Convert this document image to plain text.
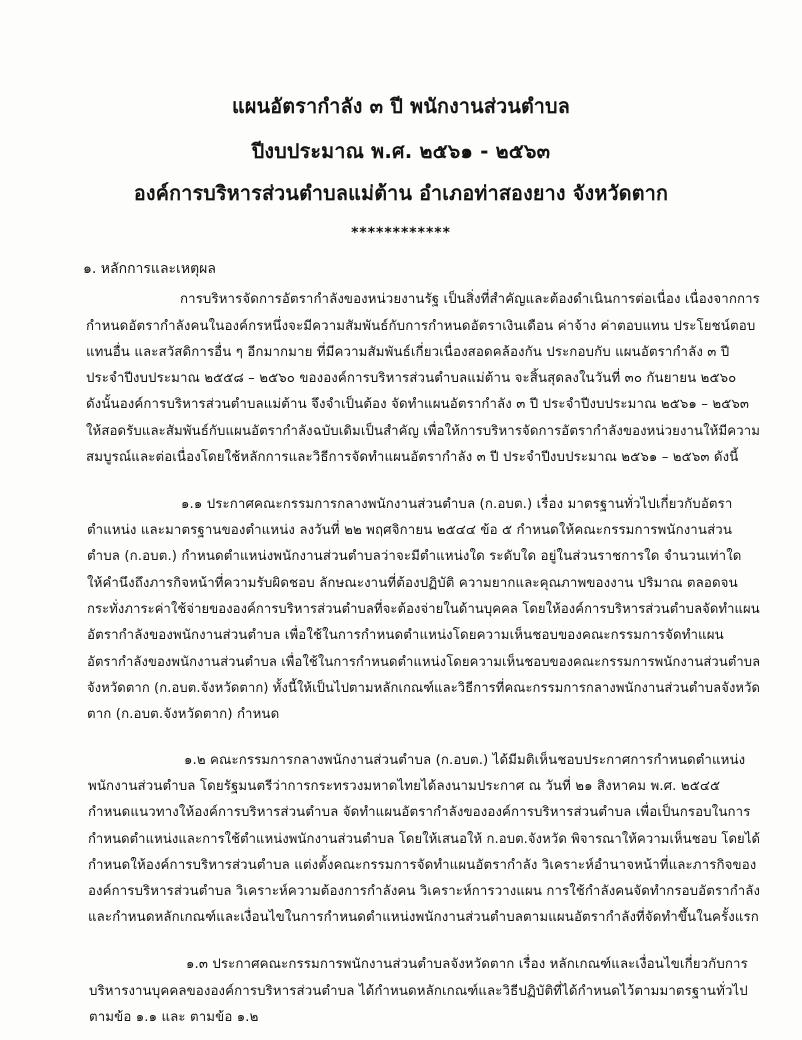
แผนอัตรากำลัง ๓ ปี พนักงานส่วนตำบล
ปีงบประมาณ พ.ศ. ๒๕๖๑ - ๒๕๖๓
องค์การบริหารส่วนตำบลแม่ต้าน อำเภอท่าสองยาง จังหวัดตาก
************
๑. หลักการและเหตุผล
การบริหารจัดการอัตรากำลังของหน่วยงานรัฐ เป็นสิ่งที่สำคัญและต้องดำเนินการต่อเนื่อง เนื่องจากการ
กำหนดอัตรากำลังคนในองค์กรหนึ่งจะมีความสัมพันธ์กับการกำหนดอัตราเงินเดือน ค่าจ้าง ค่าตอบแทน ประโยชน์ตอบ
แทนอื่น และสวัสดิการอื่น ๆ อีกมากมาย ที่มีความสัมพันธ์เกี่ยวเนื่องสอดคล้องกัน ประกอบกับ แผนอัตรากำลัง ๓ ปี
ประจำปีงบประมาณ ๒๕๕๘ – ๒๕๖๐ ขององค์การบริหารส่วนตำบลแม่ต้าน จะสิ้นสุดลงในวันที่ ๓๐ กันยายน ๒๕๖๐
ดังนั้นองค์การบริหารส่วนตำบลแม่ต้าน จึงจำเป็นต้อง จัดทำแผนอัตรากำลัง ๓ ปี ประจำปีงบประมาณ ๒๕๖๑ – ๒๕๖๓
ให้สอดรับและสัมพันธ์กับแผนอัตรากำลังฉบับเดิมเป็นสำคัญ เพื่อให้การบริหารจัดการอัตรากำลังของหน่วยงานให้มีความ
สมบูรณ์และต่อเนื่องโดยใช้หลักการและวิธีการจัดทำแผนอัตรากำลัง ๓ ปี ประจำปีงบประมาณ ๒๕๖๑ – ๒๕๖๓ ดังนี้
๑.๑ ประกาศคณะกรรมการกลางพนักงานส่วนตำบล (ก.อบต.) เรื่อง มาตรฐานทั่วไปเกี่ยวกับอัตรา
ตำแหน่ง และมาตรฐานของตำแหน่ง ลงวันที่ ๒๒ พฤศจิกายน ๒๕๔๔ ข้อ ๕ กำหนดให้คณะกรรมการพนักงานส่วน
ตำบล (ก.อบต.) กำหนดตำแหน่งพนักงานส่วนตำบลว่าจะมีตำแหน่งใด ระดับใด อยู่ในส่วนราชการใด จำนวนเท่าใด
ให้คำนึงถึงภารกิจหน้าที่ความรับผิดชอบ ลักษณะงานที่ต้องปฏิบัติ ความยากและคุณภาพของงาน ปริมาณ ตลอดจน
กระทั่งภาระค่าใช้จ่ายขององค์การบริหารส่วนตำบลที่จะต้องจ่ายในด้านบุคคล โดยให้องค์การบริหารส่วนตำบลจัดทำแผน
อัตรากำลังของพนักงานส่วนตำบล เพื่อใช้ในการกำหนดตำแหน่งโดยความเห็นชอบของคณะกรรมการจัดทำแผน
อัตรากำลังของพนักงานส่วนตำบล เพื่อใช้ในการกำหนดตำแหน่งโดยความเห็นชอบของคณะกรรมการพนักงานส่วนตำบล
จังหวัดตาก (ก.อบต.จังหวัดตาก) ทั้งนี้ให้เป็นไปตามหลักเกณฑ์และวิธีการที่คณะกรรมการกลางพนักงานส่วนตำบลจังหวัด
ตาก (ก.อบต.จังหวัดตาก) กำหนด
๑.๒ คณะกรรมการกลางพนักงานส่วนตำบล (ก.อบต.) ได้มีมติเห็นชอบประกาศการกำหนดตำแหน่ง
พนักงานส่วนตำบล โดยรัฐมนตรีว่าการกระทรวงมหาดไทยได้ลงนามประกาศ ณ วันที่ ๒๑ สิงหาคม พ.ศ. ๒๕๔๕
กำหนดแนวทางให้องค์การบริหารส่วนตำบล จัดทำแผนอัตรากำลังขององค์การบริหารส่วนตำบล เพื่อเป็นกรอบในการ
กำหนดตำแหน่งและการใช้ตำแหน่งพนักงานส่วนตำบล โดยให้เสนอให้ ก.อบต.จังหวัด พิจารณาให้ความเห็นชอบ โดยได้
กำหนดให้องค์การบริหารส่วนตำบล แต่งตั้งคณะกรรมการจัดทำแผนอัตรากำลัง วิเคราะห์อำนาจหน้าที่และภารกิจของ
องค์การบริหารส่วนตำบล วิเคราะห์ความต้องการกำลังคน วิเคราะห์การวางแผน การใช้กำลังคนจัดทำกรอบอัตรากำลัง
และกำหนดหลักเกณฑ์และเงื่อนไขในการกำหนดตำแหน่งพนักงานส่วนตำบลตามแผนอัตรากำลังที่จัดทำขึ้นในครั้งแรก
๑.๓ ประกาศคณะกรรมการพนักงานส่วนตำบลจังหวัดตาก เรื่อง หลักเกณฑ์และเงื่อนไขเกี่ยวกับการ
บริหารงานบุคคลขององค์การบริหารส่วนตำบล ได้กำหนดหลักเกณฑ์และวิธีปฏิบัติที่ได้กำหนดไว้ตามมาตรฐานทั่วไป
ตามข้อ ๑.๑ และ ตามข้อ ๑.๒
